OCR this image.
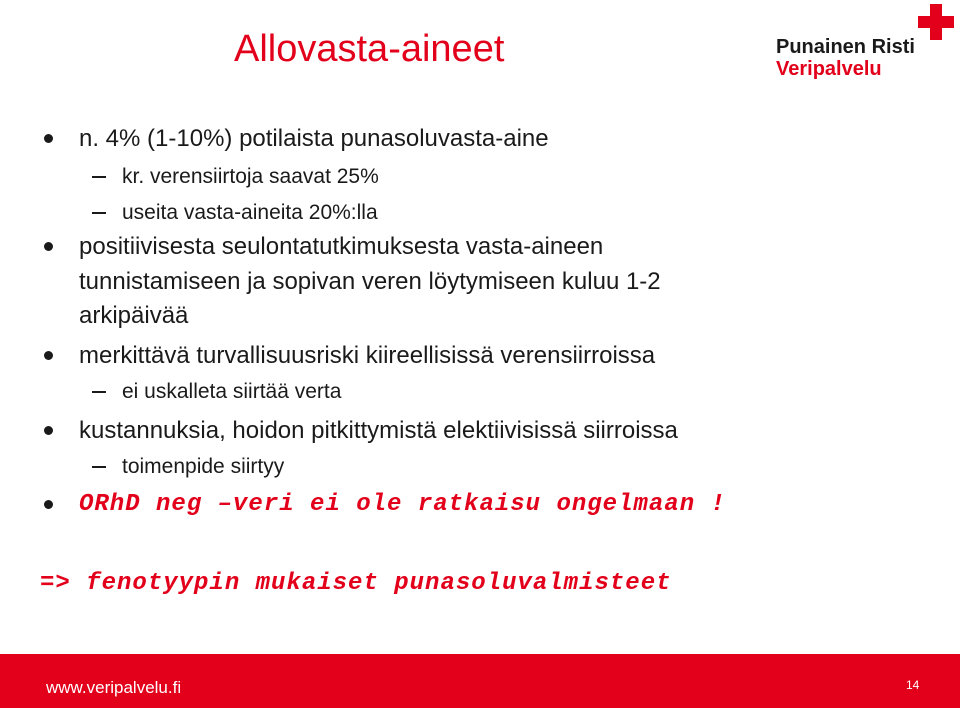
Allovasta-aineet	Punainen Risti
Veripalvelu
n. 4% (1-10%) potilaista punasoluvasta-aine
kr. verensiirtoja saavat 25%
useita vasta-aineita 20%:lla
positiivisesta seulontatutkimuksesta vasta-aineen
tunnistamiseen ja sopivan veren löytymiseen kuluu 1-2
arkipäivää
merkittävä turvallisuusriski kiireellisissä verensiirroissa
ei uskalleta siirtää verta
kustannuksia, hoidon pitkittymistä elektiivisissä siirroissa
toimenpide siirtyy
ORhD neg –veri ei ole ratkaisu ongelmaan !
=> fenotyypin mukaiset punasoluvalmisteet
www.veripalvelu.fi	14
